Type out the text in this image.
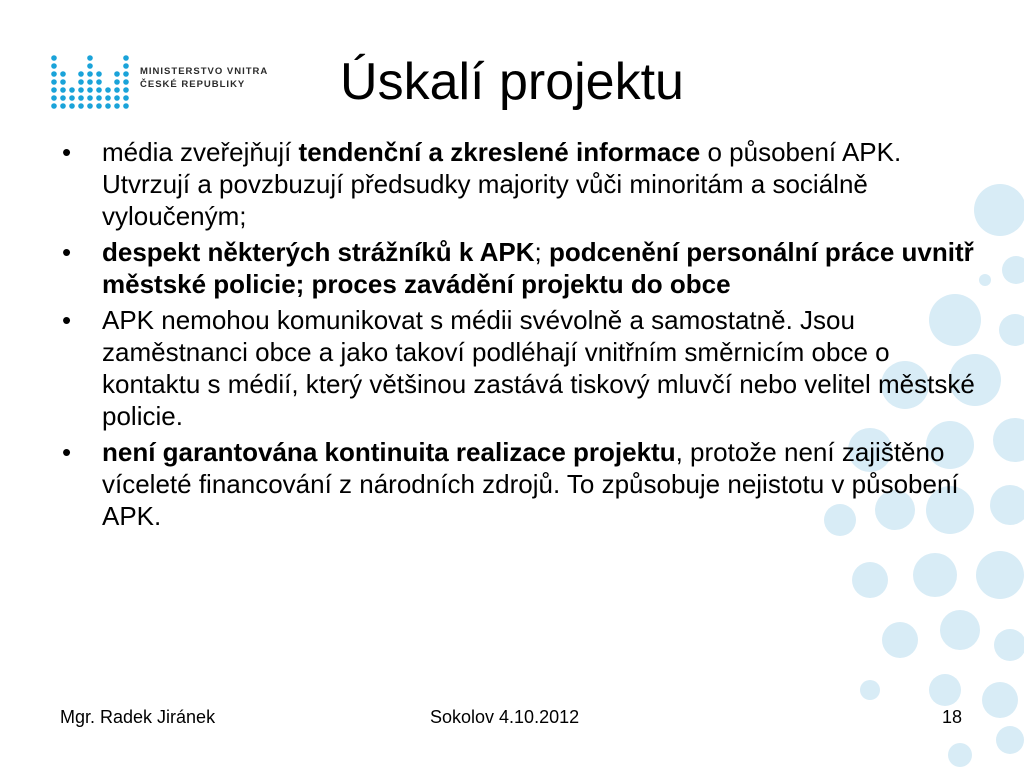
MINISTERSTVO VNITRA
ČESKÉ REPUBLIKY	Úskalí projektu
• média zveřejňují tendenční a zkreslené informace o působení APK. Utvrzují a povzbuzují předsudky majority vůči minoritám a sociálně vyloučeným;
• despekt některých strážníků k APK; podcenění personální práce uvnitř městské policie; proces zavádění projektu do obce
• APK nemohou komunikovat s médii svévolně a samostatně. Jsou zaměstnanci obce a jako takoví podléhají vnitřním směrnicím obce o kontaktu s médií, který většinou zastává tiskový mluvčí nebo velitel městské policie.
• není garantována kontinuita realizace projektu, protože není zajištěno víceleté financování z národních zdrojů. To způsobuje nejistotu v působení APK.
Mgr. Radek Jiránek	Sokolov 4.10.2012	18
